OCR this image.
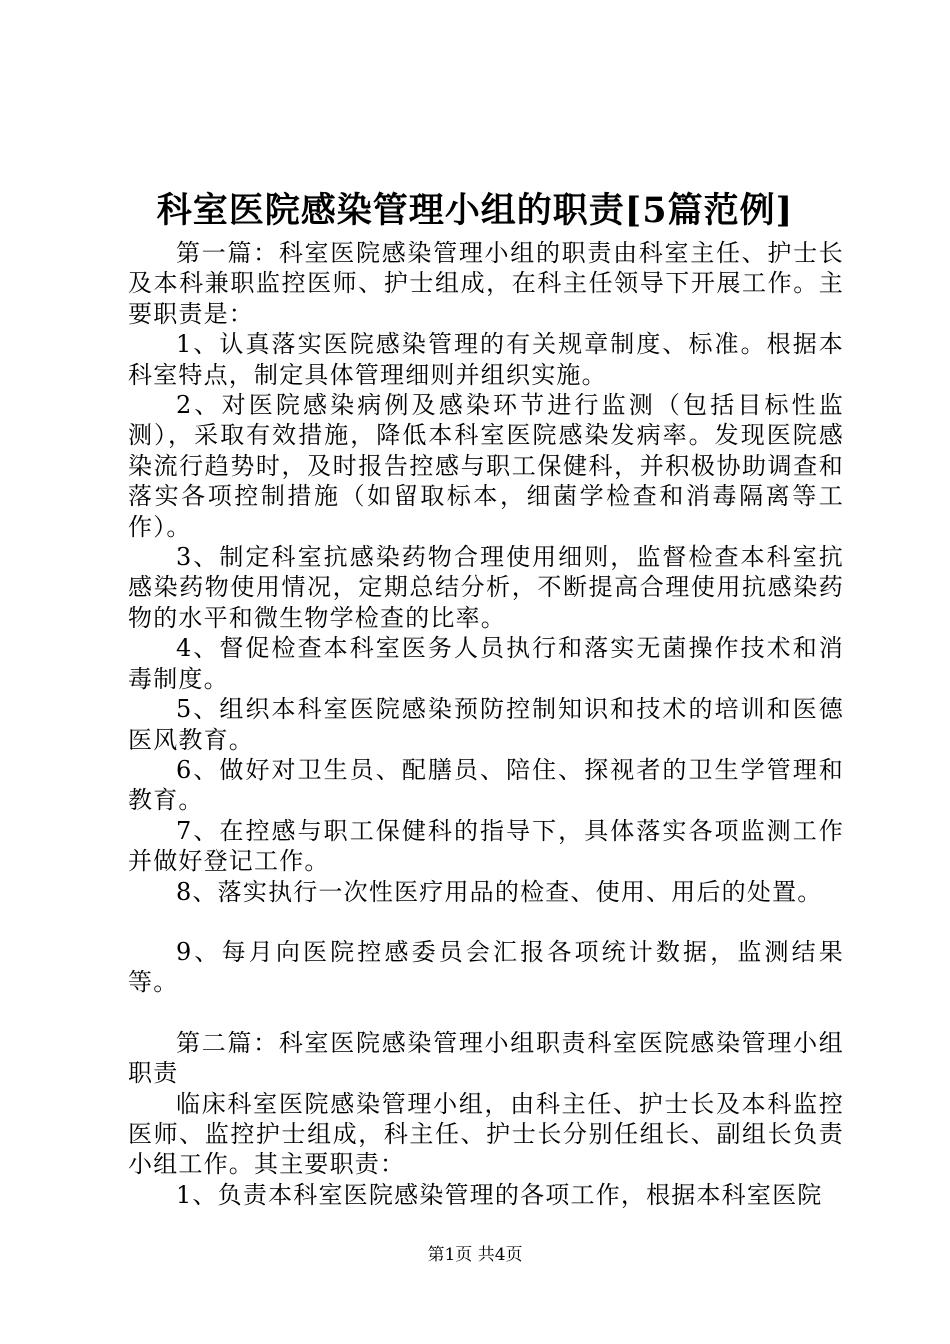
科室医院感染管理小组的职责[5篇范例]

第一篇：科室医院感染管理小组的职责由科室主任、护士长及本科兼职监控医师、护士组成，在科主任领导下开展工作。主要职责是：

1、认真落实医院感染管理的有关规章制度、标准。根据本科室特点，制定具体管理细则并组织实施。

2、对医院感染病例及感染环节进行监测（包括目标性监测），采取有效措施，降低本科室医院感染发病率。发现医院感染流行趋势时，及时报告控感与职工保健科，并积极协助调查和落实各项控制措施（如留取标本，细菌学检查和消毒隔离等工作）。

3、制定科室抗感染药物合理使用细则，监督检查本科室抗感染药物使用情况，定期总结分析，不断提高合理使用抗感染药物的水平和微生物学检查的比率。

4、督促检查本科室医务人员执行和落实无菌操作技术和消毒制度。

5、组织本科室医院感染预防控制知识和技术的培训和医德医风教育。

6、做好对卫生员、配膳员、陪住、探视者的卫生学管理和教育。

7、在控感与职工保健科的指导下，具体落实各项监测工作并做好登记工作。

8、落实执行一次性医疗用品的检查、使用、用后的处置。

9、每月向医院控感委员会汇报各项统计数据，监测结果等。

第二篇：科室医院感染管理小组职责科室医院感染管理小组职责

临床科室医院感染管理小组，由科主任、护士长及本科监控医师、监控护士组成，科主任、护士长分别任组长、副组长负责小组工作。其主要职责：

1、负责本科室医院感染管理的各项工作，根据本科室医院

第1页 共4页
